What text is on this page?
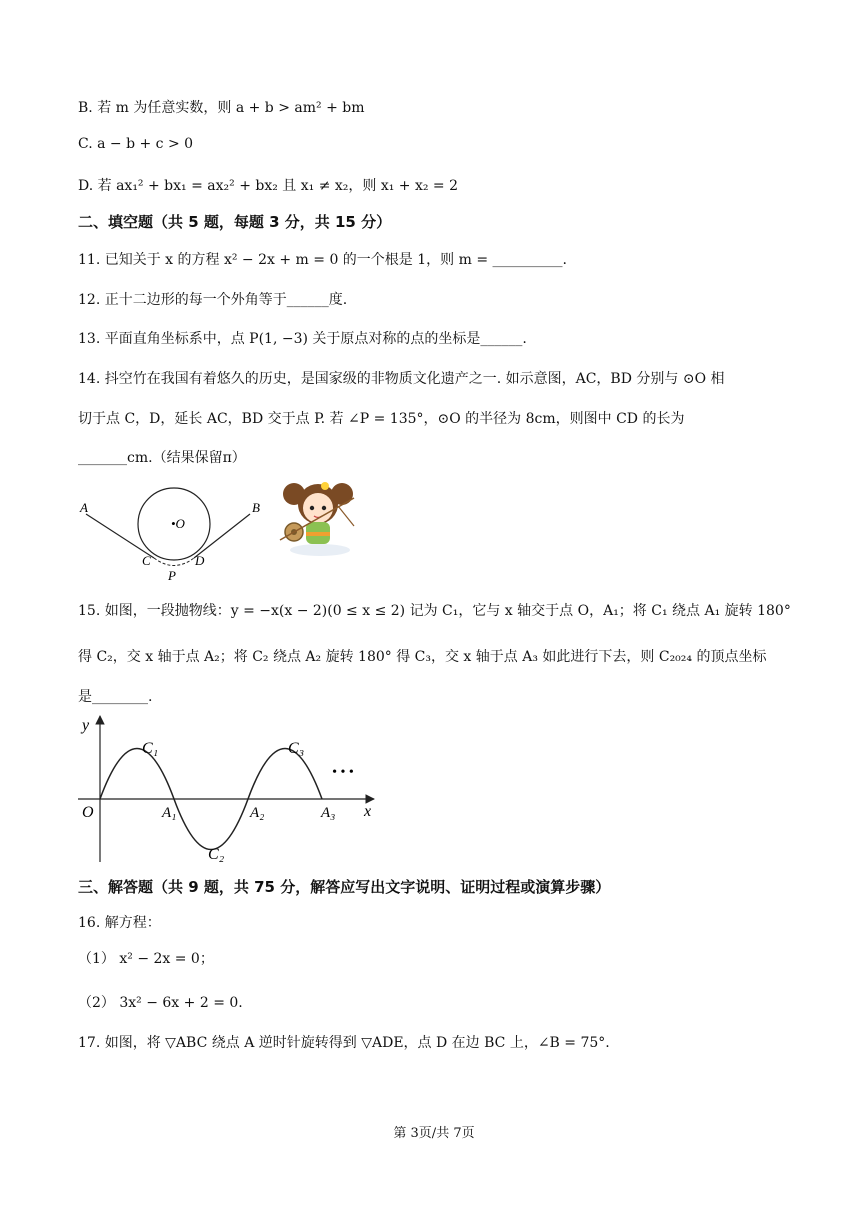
B. 若 m 为任意实数，则 a + b > am² + bm
C. a − b + c > 0
D. 若 ax₁² + bx₁ = ax₂² + bx₂ 且 x₁ ≠ x₂，则 x₁ + x₂ = 2
二、填空题（共 5 题，每题 3 分，共 15 分）
11. 已知关于 x 的方程 x² − 2x + m = 0 的一个根是 1，则 m = __________.
12. 正十二边形的每一个外角等于______度.
13. 平面直角坐标系中，点 P(1, −3) 关于原点对称的点的坐标是______.
14. 抖空竹在我国有着悠久的历史，是国家级的非物质文化遗产之一. 如示意图，AC，BD 分别与 ⊙O 相
切于点 C，D，延长 AC，BD 交于点 P. 若 ∠P = 135°，⊙O 的半径为 8cm，则图中 CD 的长为
_______cm.（结果保留π）
A	B
•O
C	D
P
15. 如图，一段抛物线：y = −x(x − 2)(0 ≤ x ≤ 2) 记为 C₁，它与 x 轴交于点 O，A₁；将 C₁ 绕点 A₁ 旋转 180°
得 C₂，交 x 轴于点 A₂；将 C₂ 绕点 A₂ 旋转 180° 得 C₃，交 x 轴于点 A₃ 如此进行下去，则 C₂₀₂₄ 的顶点坐标
是________.
y
x
O	A₁	A₂	A₃
C₁
C₂
C₃
• • •
三、解答题（共 9 题，共 75 分，解答应写出文字说明、证明过程或演算步骤）
16. 解方程：
（1） x² − 2x = 0；
（2） 3x² − 6x + 2 = 0.
17. 如图，将 ▽ABC 绕点 A 逆时针旋转得到 ▽ADE，点 D 在边 BC 上，∠B = 75°.
第 3页/共 7页
